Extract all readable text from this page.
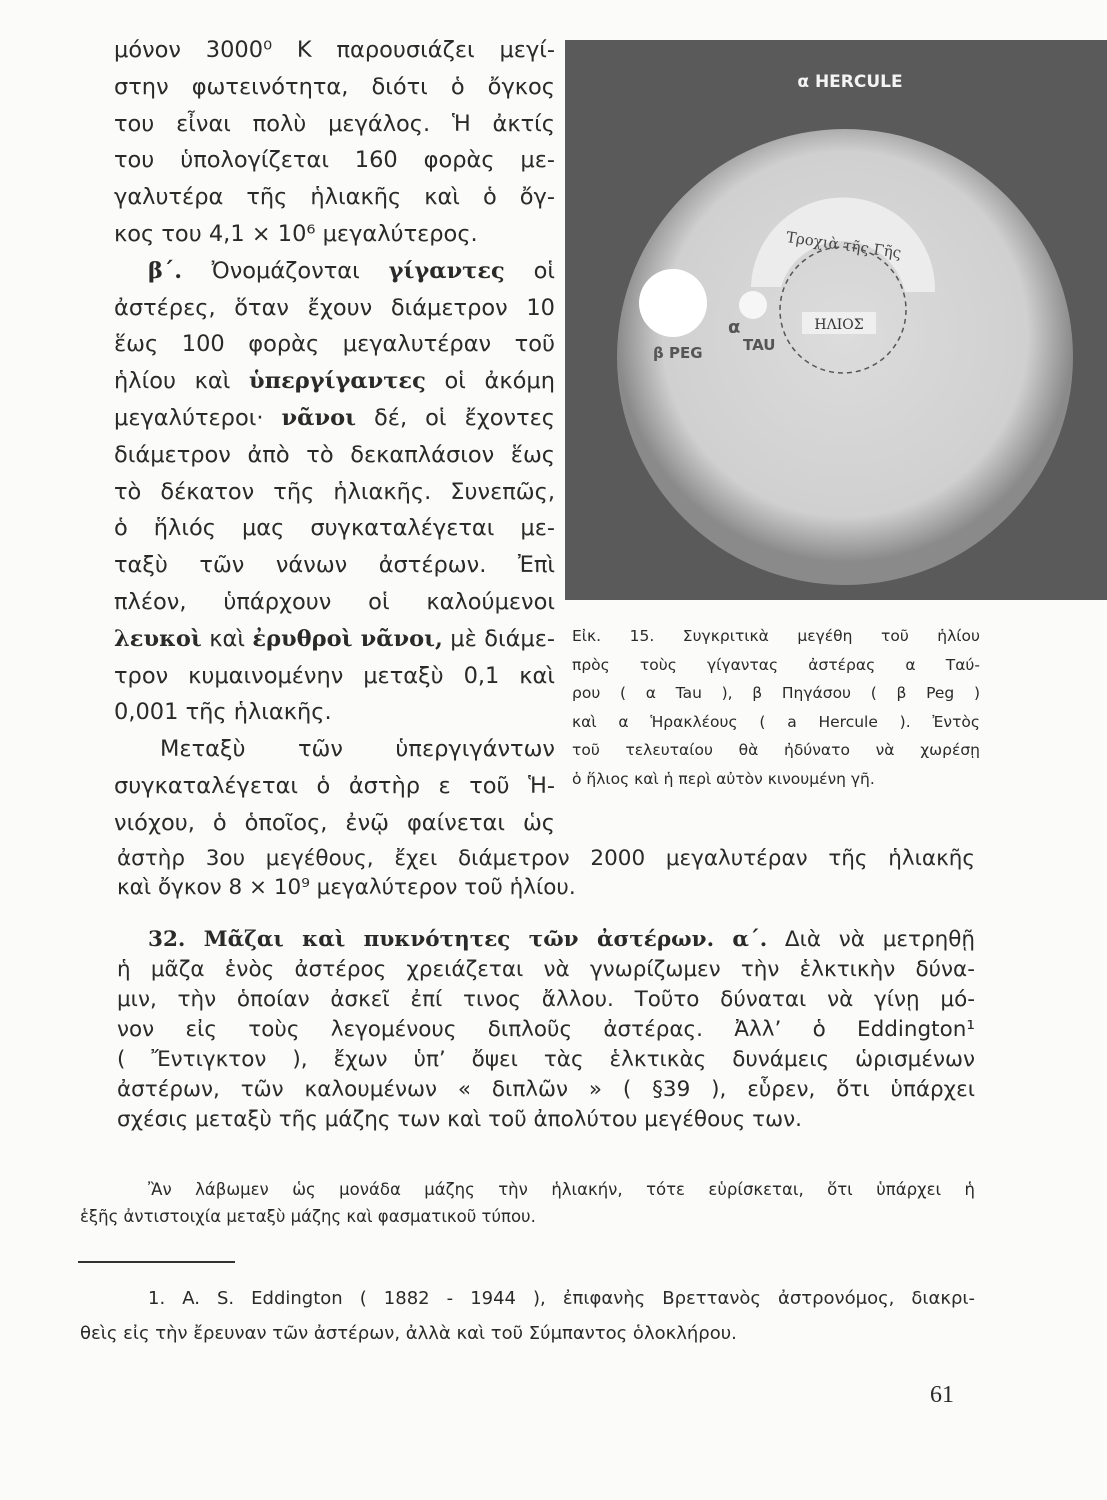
μόνον 3000⁰ Κ παρουσιάζει μεγί-
στην φωτεινότητα, διότι ὁ ὄγκος
του εἶναι πολὺ μεγάλος. Ἡ ἀκτίς
του ὑπολογίζεται 160 φορὰς με-
γαλυτέρα τῆς ἡλιακῆς καὶ ὁ ὄγ-
κος του 4,1 × 10⁶ μεγαλύτερος.
β΄. Ὀνομάζονται γίγαντες οἱ
ἀστέρες, ὅταν ἔχουν διάμετρον 10
ἕως 100 φορὰς μεγαλυτέραν τοῦ
ἡλίου καὶ ὑπεργίγαντες οἱ ἀκόμη
μεγαλύτεροι· νᾶνοι δέ, οἱ ἔχοντες
διάμετρον ἀπὸ τὸ δεκαπλάσιον ἕως
τὸ δέκατον τῆς ἡλιακῆς. Συνεπῶς,
ὁ ἥλιός μας συγκαταλέγεται με-
ταξὺ τῶν νάνων ἀστέρων. Ἐπὶ
πλέον, ὑπάρχουν οἱ καλούμενοι
λευκοὶ καὶ ἐρυθροὶ νᾶνοι, μὲ διάμε-
τρον κυμαινομένην μεταξὺ 0,1 καὶ
0,001 τῆς ἡλιακῆς.
Μεταξὺ τῶν ὑπεργιγάντων
συγκαταλέγεται ὁ ἀστὴρ ε τοῦ Ἡ-
νιόχου, ὁ ὁποῖος, ἐνῷ φαίνεται ὡς
Τροχιὰ τῆς Γῆς
ΗΛΙΟΣ
α HERCULE
β PEG
α
TAU
Εἰκ. 15. Συγκριτικὰ μεγέθη τοῦ ἡλίου
πρὸς τοὺς γίγαντας ἀστέρας α Ταύ-
ρου ( α Tau ), β Πηγάσου ( β Peg )
καὶ α Ἡρακλέους ( a Hercule ). Ἐντὸς
τοῦ τελευταίου θὰ ἠδύνατο νὰ χωρέσῃ
ὁ ἥλιος καὶ ἡ περὶ αὐτὸν κινουμένη γῆ.
ἀστὴρ 3ου μεγέθους, ἔχει διάμετρον 2000 μεγαλυτέραν τῆς ἡλιακῆς
καὶ ὄγκον 8 × 10⁹ μεγαλύτερον τοῦ ἡλίου.
32. Μᾶζαι καὶ πυκνότητες τῶν ἀστέρων. α΄. Διὰ νὰ μετρηθῇ
ἡ μᾶζα ἑνὸς ἀστέρος χρειάζεται νὰ γνωρίζωμεν τὴν ἑλκτικὴν δύνα-
μιν, τὴν ὁποίαν ἀσκεῖ ἐπί τινος ἄλλου. Τοῦτο δύναται νὰ γίνῃ μό-
νον εἰς τοὺς λεγομένους διπλοῦς ἀστέρας. Ἀλλ’ ὁ Eddington¹
( Ἔντιγκτον ), ἔχων ὑπ’ ὄψει τὰς ἑλκτικὰς δυνάμεις ὡρισμένων
ἀστέρων, τῶν καλουμένων « διπλῶν » ( §39 ), εὗρεν, ὅτι ὑπάρχει
σχέσις μεταξὺ τῆς μάζης των καὶ τοῦ ἀπολύτου μεγέθους των.
Ἂν λάβωμεν ὡς μονάδα μάζης τὴν ἡλιακήν, τότε εὑρίσκεται, ὅτι ὑπάρχει ἡ
ἑξῆς ἀντιστοιχία μεταξὺ μάζης καὶ φασματικοῦ τύπου.
1. A. S. Eddington ( 1882 - 1944 ), ἐπιφανὴς Βρεττανὸς ἀστρονόμος, διακρι-
θεὶς εἰς τὴν ἔρευναν τῶν ἀστέρων, ἀλλὰ καὶ τοῦ Σύμπαντος ὁλοκλήρου.
61
